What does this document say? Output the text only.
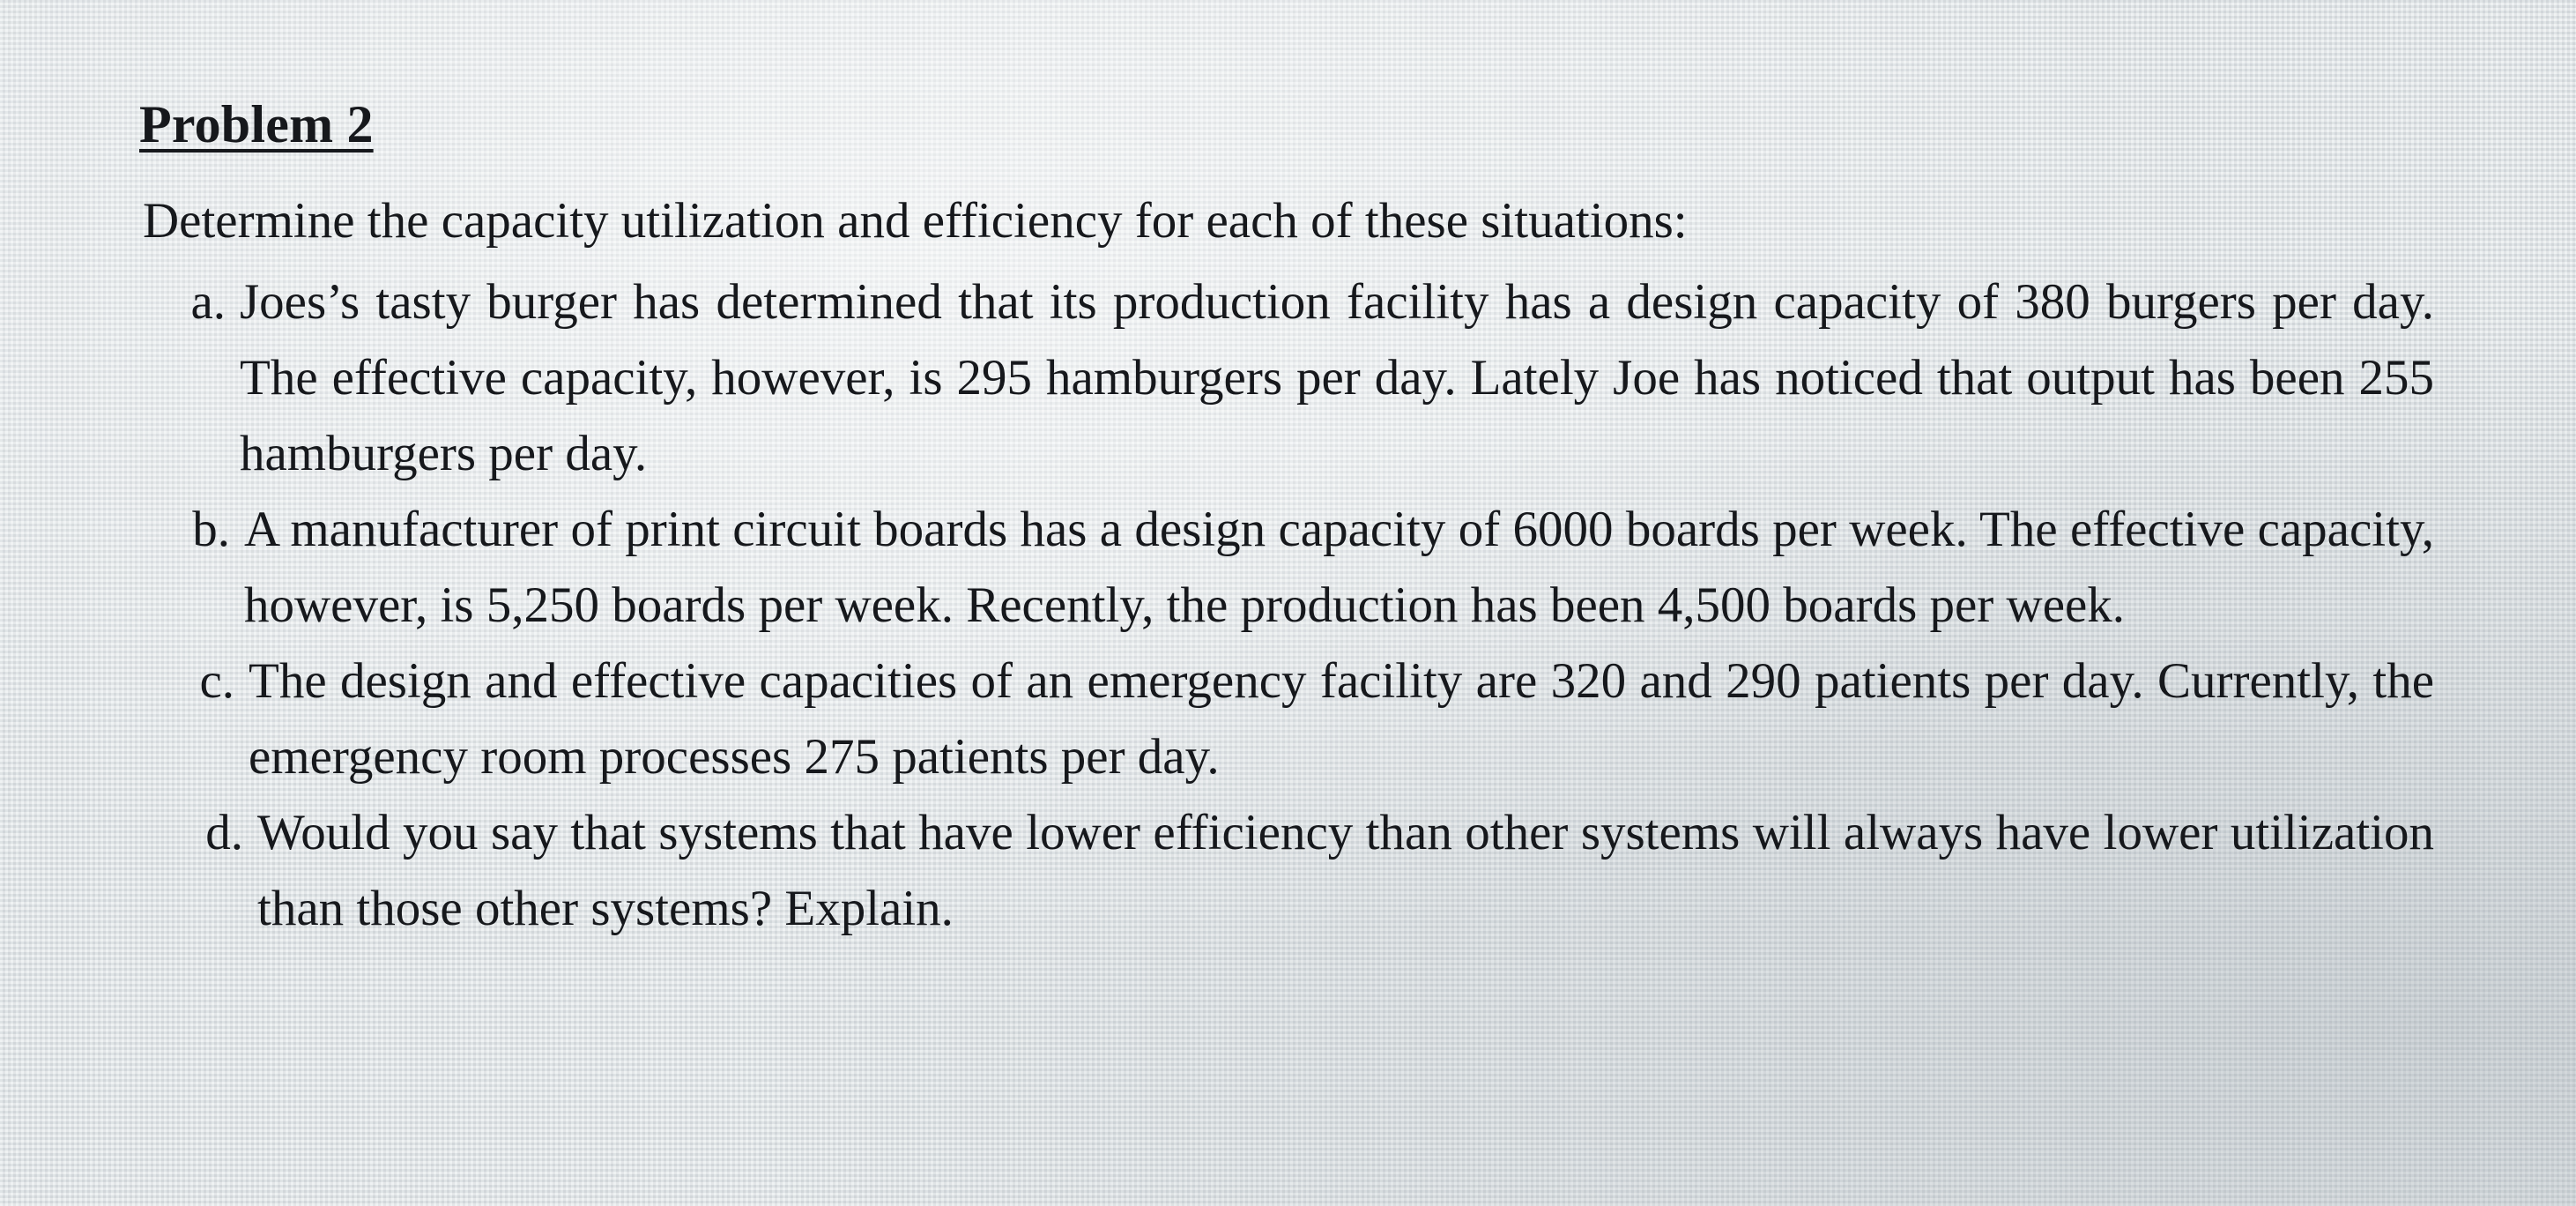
Problem 2

Determine the capacity utilization and efficiency for each of these situations:

a. Joes’s tasty burger has determined that its production facility has a design capacity of 380 burgers per day. The effective capacity, however, is 295 hamburgers per day. Lately Joe has noticed that output has been 255 hamburgers per day.
b. A manufacturer of print circuit boards has a design capacity of 6000 boards per week. The effective capacity, however, is 5,250 boards per week. Recently, the production has been 4,500 boards per week.
c. The design and effective capacities of an emergency facility are 320 and 290 patients per day. Currently, the emergency room processes 275 patients per day.
d. Would you say that systems that have lower efficiency than other systems will always have lower utilization than those other systems? Explain.
